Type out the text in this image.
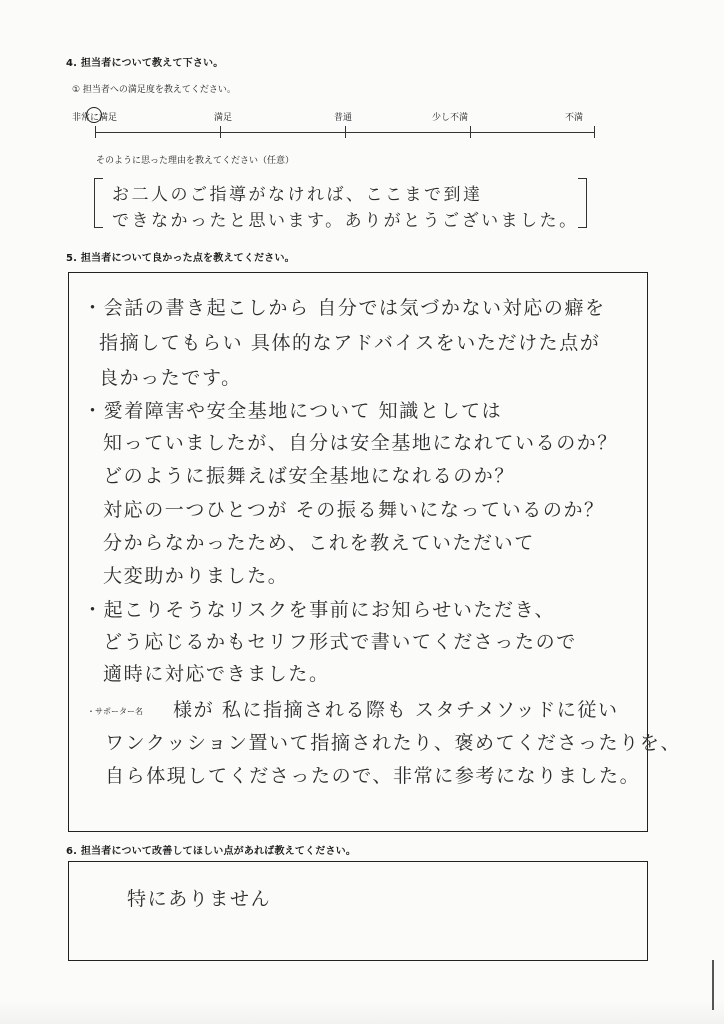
4. 担当者について教えて下さい。
① 担当者への満足度を教えてください。
非常に満足	満足	普通	少し不満	不満
そのように思った理由を教えてください（任意）
お二人のご指導がなければ、ここまで到達
できなかったと思います。ありがとうございました。
5. 担当者について良かった点を教えてください。
・会話の書き起こしから 自分では気づかない対応の癖を
指摘してもらい 具体的なアドバイスをいただけた点が
良かったです。
・愛着障害や安全基地について 知識としては
知っていましたが、自分は安全基地になれているのか？
どのように振舞えば安全基地になれるのか？
対応の一つひとつが その振る舞いになっているのか？
分からなかったため、これを教えていただいて
大変助かりました。
・起こりそうなリスクを事前にお知らせいただき、
どう応じるかもセリフ形式で書いてくださったので
適時に対応できました。
・サポーター名 様が 私に指摘される際も スタチメソッドに従い
ワンクッション置いて指摘されたり、褒めてくださったりを、
自ら体現してくださったので、非常に参考になりました。
6. 担当者について改善してほしい点があれば教えてください。
特にありません
